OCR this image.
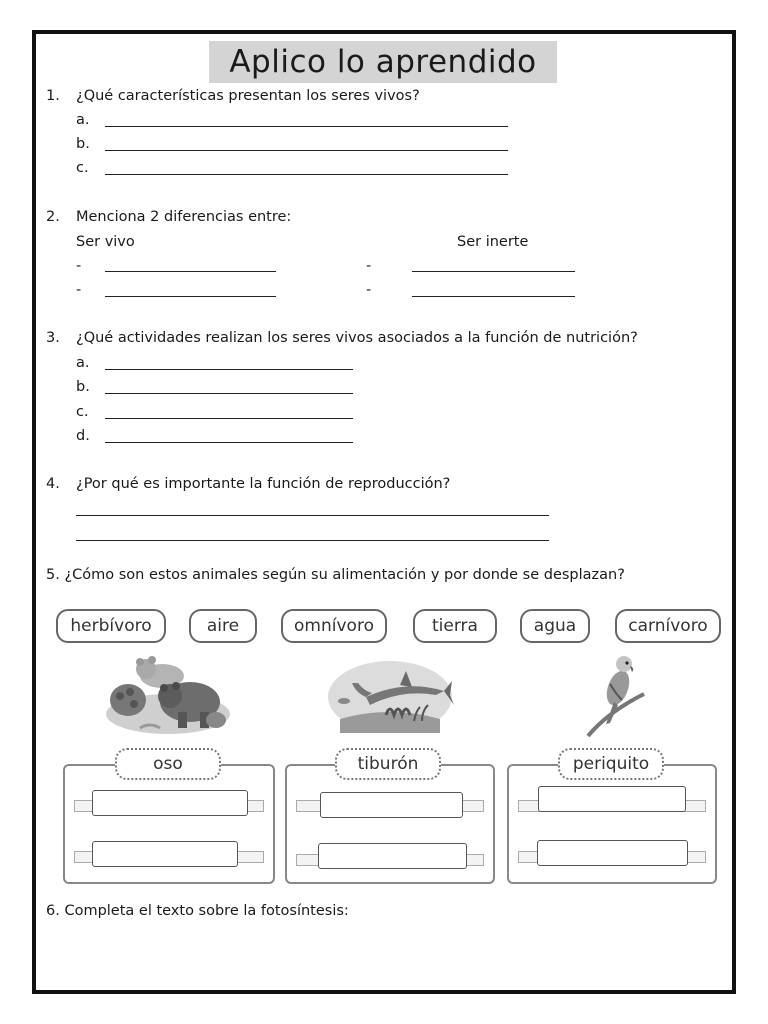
Aplico lo aprendido
1. ¿Qué características presentan los seres vivos?
a.
b.
c.
2. Menciona 2 diferencias entre:
Ser vivo	Ser inerte
-	-
-	-
3. ¿Qué actividades realizan los seres vivos asociados a la función de nutrición?
a.
b.
c.
d.
4. ¿Por qué es importante la función de reproducción?
5. ¿Cómo son estos animales según su alimentación y por donde se desplazan?
herbívoro	aire	omnívoro	tierra	agua	carnívoro
oso	tiburón	periquito
6. Completa el texto sobre la fotosíntesis:
